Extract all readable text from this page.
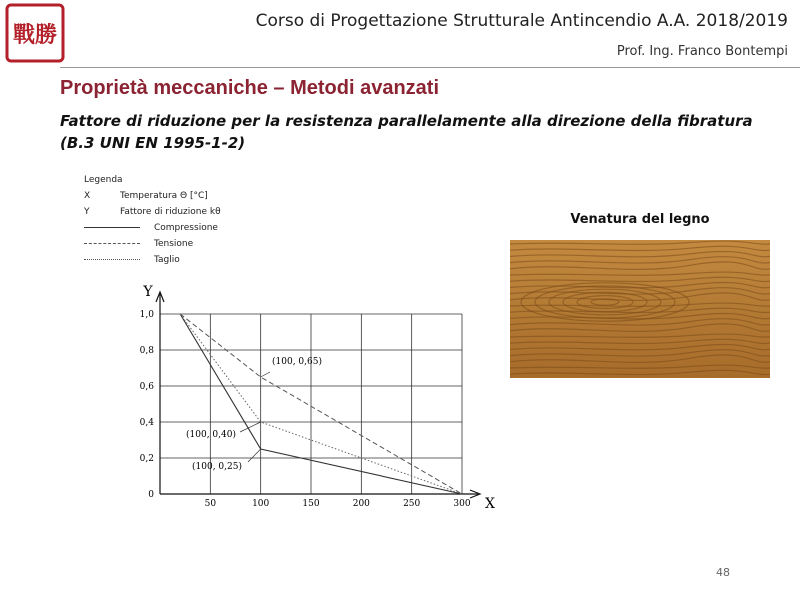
戰勝
Corso di Progettazione Strutturale Antincendio A.A. 2018/2019
Prof. Ing. Franco Bontempi
Proprietà meccaniche – Metodi avanzati
Fattore di riduzione per la resistenza parallelamente alla direzione della fibratura
(B.3 UNI EN 1995-1-2)
Legenda
X	Temperatura Θ [°C]
Y	Fattore di riduzione kθ
Compressione
Tensione
Taglio
Y
X
0
0,2
0,4
0,6
0,8
1,0
50	100	150	200	250	300
(100, 0,65)
(100, 0,40)
(100, 0,25)
Venatura del legno
48
